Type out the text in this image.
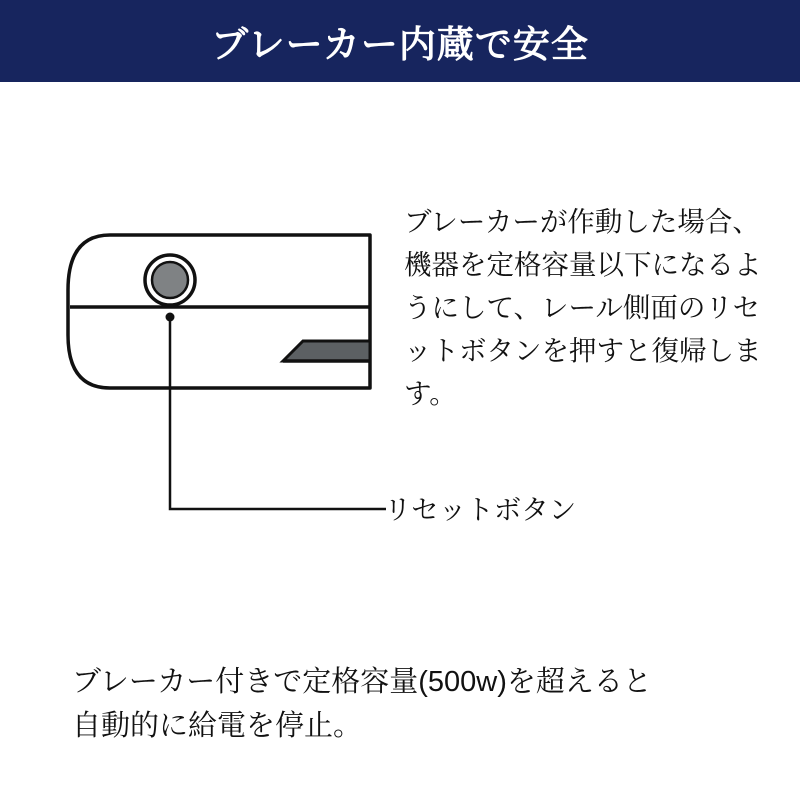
ブレーカー内蔵で安全
ブレーカーが作動した場合、機器を定格容量以下になるようにして、レール側面のリセットボタンを押すと復帰します。
リセットボタン
ブレーカー付きで定格容量(500w)を超えると
自動的に給電を停止。
